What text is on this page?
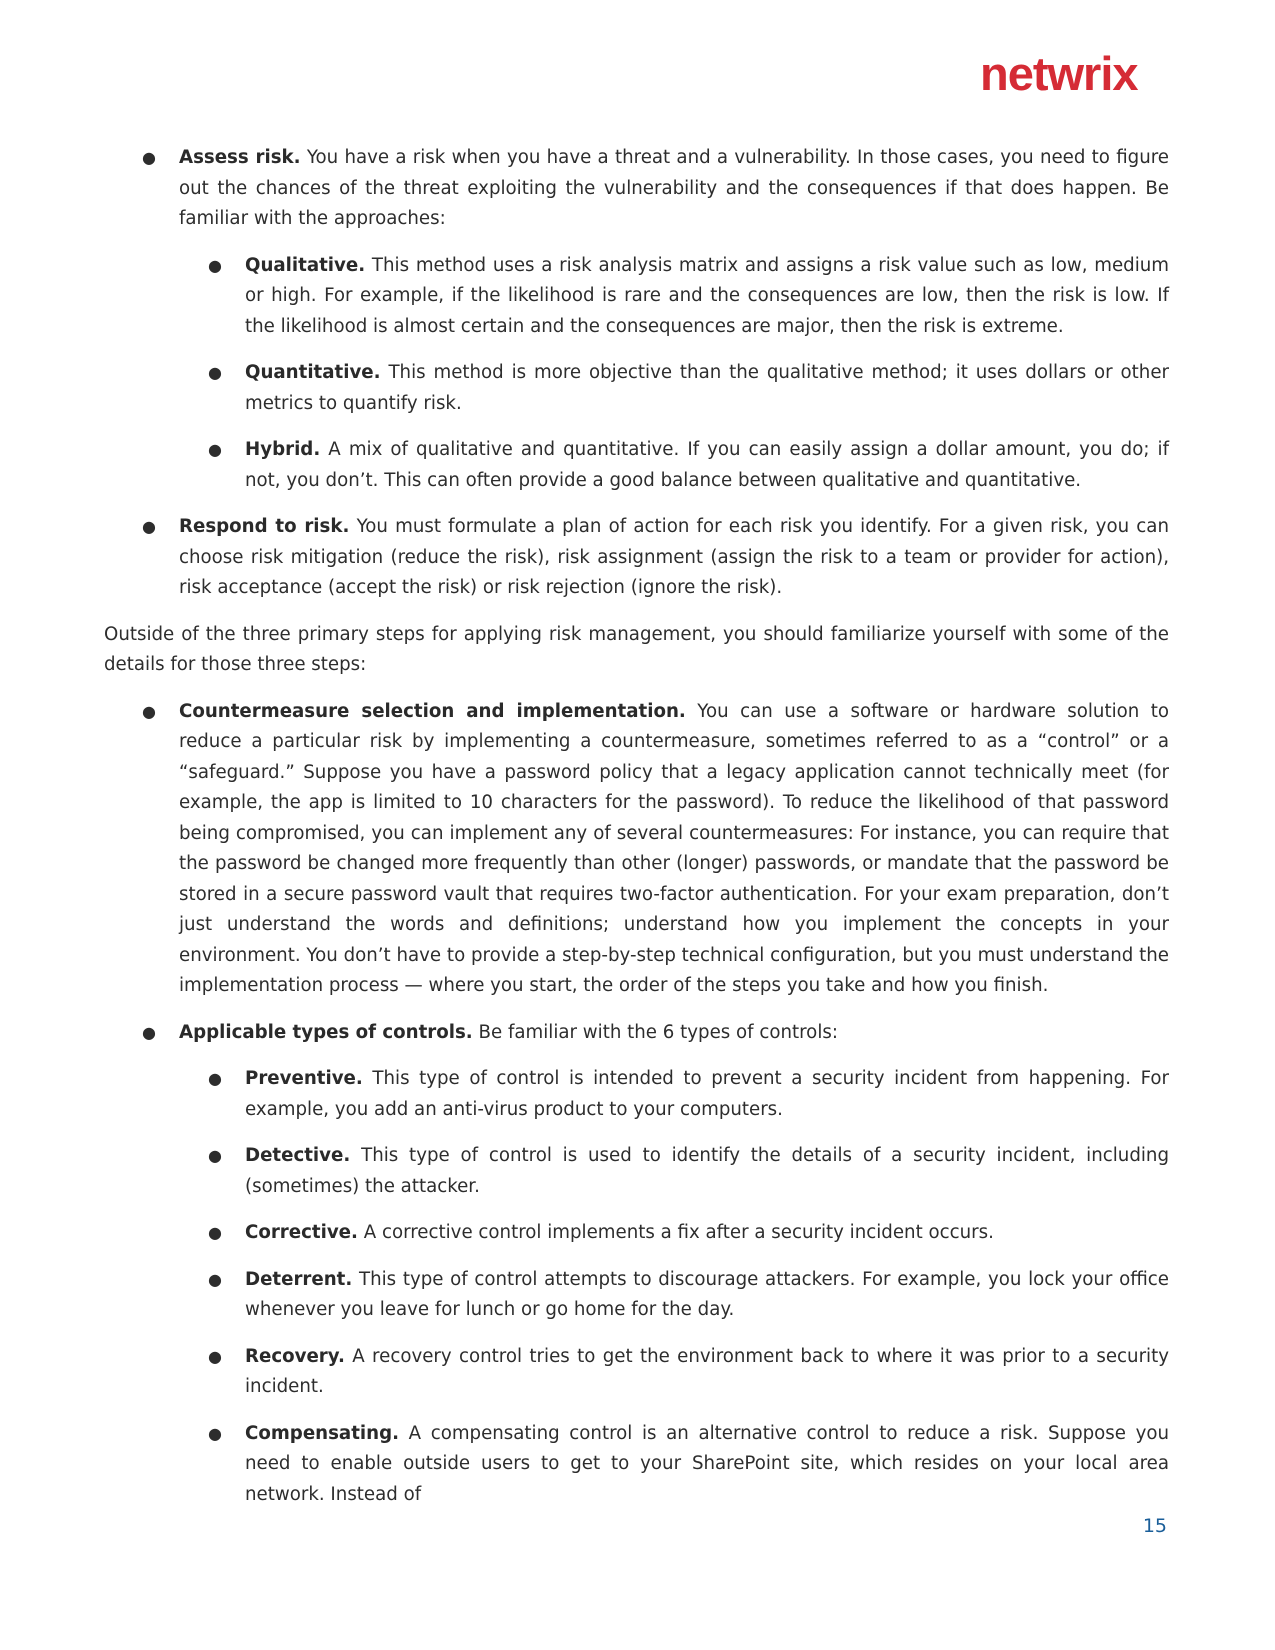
netwrix
● Assess risk. You have a risk when you have a threat and a vulnerability. In those cases, you need to figure out the chances of the threat exploiting the vulnerability and the consequences if that does happen. Be familiar with the approaches:
● Qualitative. This method uses a risk analysis matrix and assigns a risk value such as low, medium or high. For example, if the likelihood is rare and the consequences are low, then the risk is low. If the likelihood is almost certain and the consequences are major, then the risk is extreme.
● Quantitative. This method is more objective than the qualitative method; it uses dollars or other metrics to quantify risk.
● Hybrid. A mix of qualitative and quantitative. If you can easily assign a dollar amount, you do; if not, you don’t. This can often provide a good balance between qualitative and quantitative.
● Respond to risk. You must formulate a plan of action for each risk you identify. For a given risk, you can choose risk mitigation (reduce the risk), risk assignment (assign the risk to a team or provider for action), risk acceptance (accept the risk) or risk rejection (ignore the risk).

Outside of the three primary steps for applying risk management, you should familiarize yourself with some of the details for those three steps:

● Countermeasure selection and implementation. You can use a software or hardware solution to reduce a particular risk by implementing a countermeasure, sometimes referred to as a “control” or a “safeguard.” Suppose you have a password policy that a legacy application cannot technically meet (for example, the app is limited to 10 characters for the password). To reduce the likelihood of that password being compromised, you can implement any of several countermeasures: For instance, you can require that the password be changed more frequently than other (longer) passwords, or mandate that the password be stored in a secure password vault that requires two-factor authentication. For your exam preparation, don’t just understand the words and definitions; understand how you implement the concepts in your environment. You don’t have to provide a step-by-step technical configuration, but you must understand the implementation process — where you start, the order of the steps you take and how you finish.
● Applicable types of controls. Be familiar with the 6 types of controls:
● Preventive. This type of control is intended to prevent a security incident from happening. For example, you add an anti-virus product to your computers.
● Detective. This type of control is used to identify the details of a security incident, including (sometimes) the attacker.
● Corrective. A corrective control implements a fix after a security incident occurs.
● Deterrent. This type of control attempts to discourage attackers. For example, you lock your office whenever you leave for lunch or go home for the day.
● Recovery. A recovery control tries to get the environment back to where it was prior to a security incident.
● Compensating. A compensating control is an alternative control to reduce a risk. Suppose you need to enable outside users to get to your SharePoint site, which resides on your local area network. Instead of
15
